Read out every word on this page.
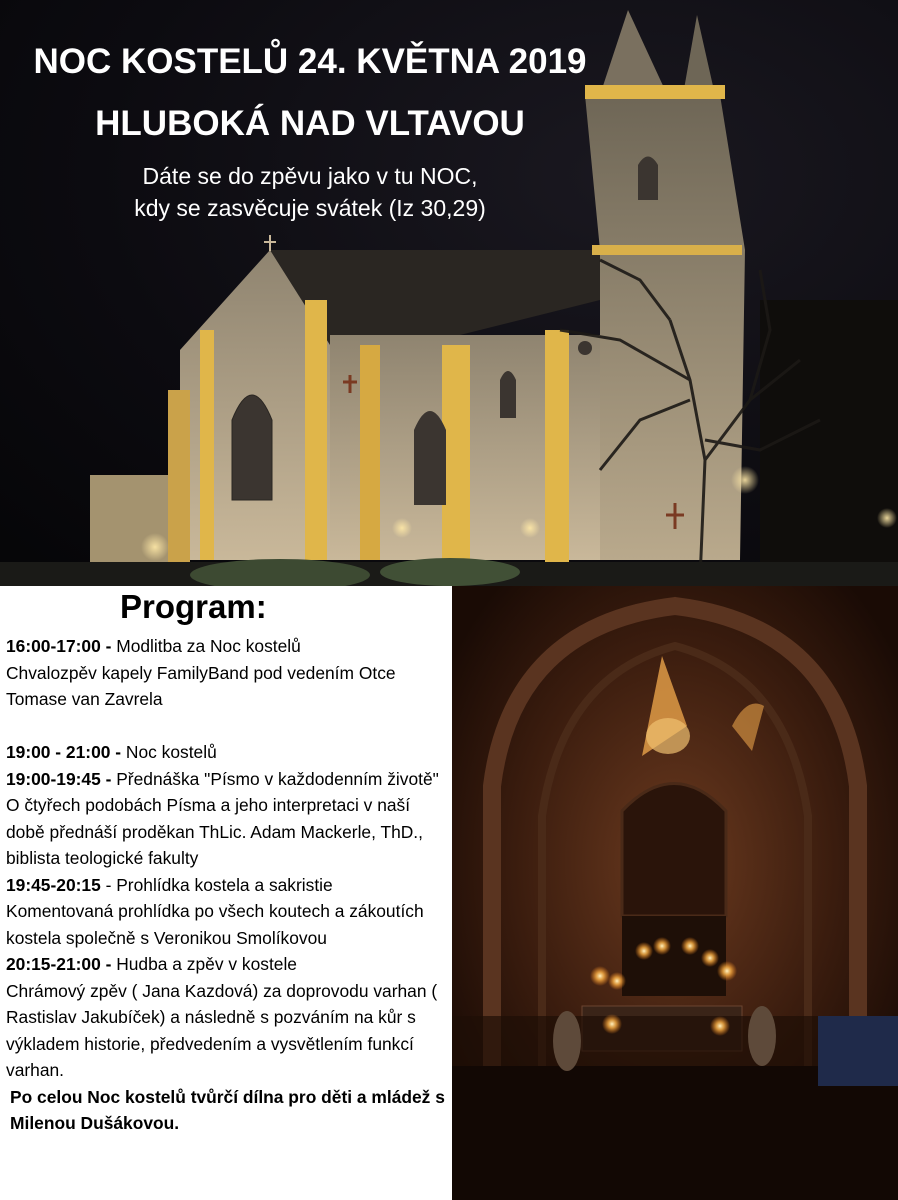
NOC KOSTELŮ 24. KVĚTNA 2019
HLUBOKÁ NAD VLTAVOU
Dáte se do zpěvu jako v tu NOC,
kdy se zasvěcuje svátek (Iz 30,29)
Program:

16:00-17:00 - Modlitba za Noc kostelů

Chvalozpěv kapely FamilyBand pod vedením Otce Tomase van Zavrela

19:00 - 21:00 - Noc kostelů

19:00-19:45 - Přednáška "Písmo v každodenním životě"

O čtyřech podobách Písma a jeho interpretaci v naší době přednáší proděkan ThLic. Adam Mackerle, ThD., biblista teologické fakulty

19:45-20:15 - Prohlídka kostela a sakristie

Komentovaná prohlídka po všech koutech a zákoutích kostela společně s Veronikou Smolíkovou

20:15-21:00 - Hudba a zpěv v kostele

Chrámový zpěv ( Jana Kazdová) za doprovodu varhan ( Rastislav Jakubíček) a následně s pozváním na kůr s výkladem historie, předvedením a vysvětlením funkcí varhan.

Po celou Noc kostelů tvůrčí dílna pro děti a mládež s Milenou Dušákovou.
